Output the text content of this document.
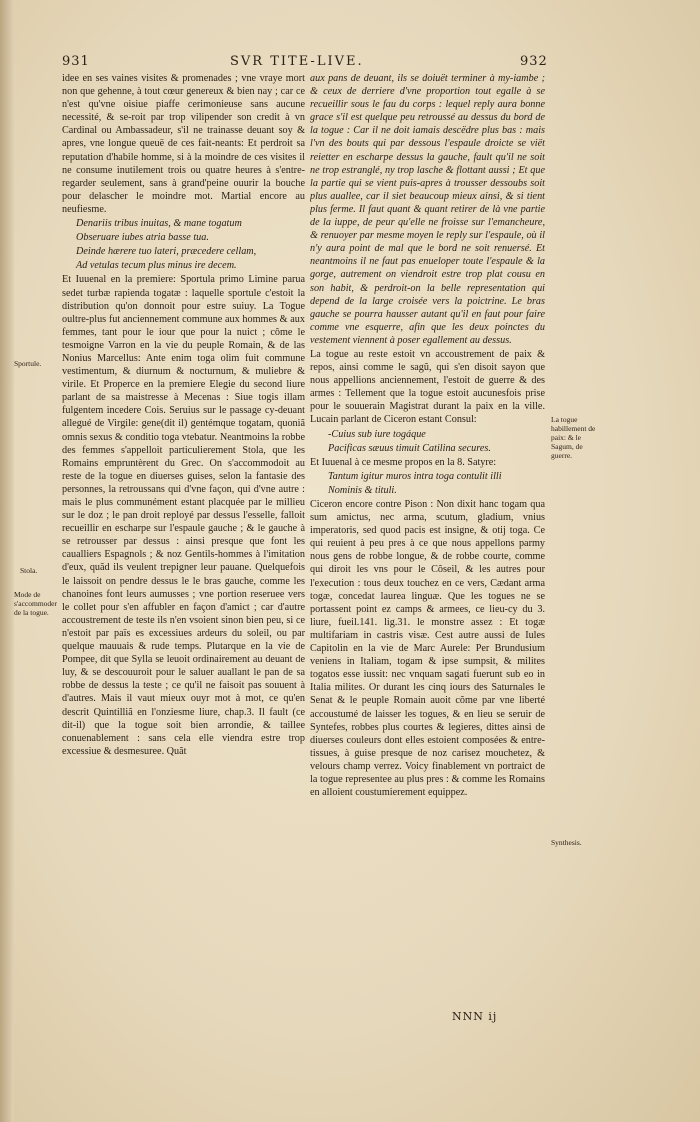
931	SVR TITE-LIVE.	932

idee en ses vaines visites & promenades ; vne vraye mort non que gehenne, à tout cœur genereux & bien nay ; car ce n'est qu'vne oisiue piaffe cerimonieuse sans aucune necessité, & se-roit par trop vilipender son credit à vn Cardinal ou Ambassadeur, s'il ne trainasse deuant soy & apres, vne longue queuë de ces fait-neants: Et perdroit sa reputation d'habile homme, si à la moindre de ces visites il ne consume inutilement trois ou quatre heures à s'entre-regarder seulement, sans à grand'peine ouurir la bouche pour delascher le moindre mot. Martial encore au neufiesme.

Denariis tribus inuitas, & mane togatum

Obseruare iubes atria basse tua.

Deinde hærere tuo lateri, præcedere cellam,

Ad vetulas tecum plus minus ire decem.

Et Iuuenal en la premiere: Sportula primo Limine parua sedet turbæ rapienda togatæ : laquelle sportule c'estoit la distribution qu'on donnoit pour estre suiuy. La Togue oultre-plus fut anciennement commune aux hommes & aux femmes, tant pour le iour que pour la nuict ; côme le tesmoigne Varron en la vie du peuple Romain, & de las Nonius Marcellus: Ante enim toga olim fuit commune vestimentum, & diurnum & nocturnum, & muliebre & virile. Et Properce en la premiere Elegie du second liure parlant de sa maistresse à Mecenas : Siue togis illam fulgentem incedere Cois. Seruius sur le passage cy-deuant allegué de Virgile: gene(dit il) gentémque togatam, quoniã omnis sexus & conditio toga vtebatur. Neantmoins la robbe des femmes s'appelloit particulierement Stola, que les Romains empruntèrent du Grec. On s'accommodoit au reste de la togue en diuerses guises, selon la fantasie des personnes, la retroussans qui d'vne façon, qui d'vne autre : mais le plus communément estant placquée par le millieu sur le doz ; le pan droit reployé par dessus l'esselle, falloit recueillir en escharpe sur l'espaule gauche ; & le gauche à se retrousser par dessus : ainsi presque que font les caualliers Espagnols ; & noz Gentils-hommes à l'imitation d'eux, quãd ils veulent trepigner leur pauane. Quelquefois le laissoit on pendre dessus le le bras gauche, comme les chanoines font leurs aumusses ; vne portion reseruee vers le collet pour s'en affubler en façon d'amict ; car d'autre accoustrement de teste ils n'en vsoient sinon bien peu, si ce n'estoit par païs es excessiues ardeurs du soleil, ou par quelque mauuais & rude temps. Plutarque en la vie de Pompee, dit que Sylla se leuoit ordinairement au deuant de luy, & se descouuroit pour le saluer auallant le pan de sa robbe de dessus la teste ; ce qu'il ne faisoit pas souuent à d'autres. Mais il vaut mieux ouyr mot à mot, ce qu'en descrit Quintilliã en l'onziesme liure, chap.3. Il fault (ce dit-il) que la togue soit bien arrondie, & taillee conuenablement : sans cela elle viendra estre trop excessiue & desmesuree. Quãt

aux pans de deuant, ils se doiuët terminer à my-iambe ; & ceux de derriere d'vne proportion tout egalle à se recueillir sous le fau du corps : lequel reply aura bonne grace s'il est quelque peu retroussé au dessus du bord de la togue : Car il ne doit iamais descëdre plus bas : mais l'vn des bouts qui par dessous l'espaule droicte se viët reietter en escharpe dessus la gauche, fault qu'il ne soit ne trop estranglé, ny trop lasche & flottant aussi ; Et que la partie qui se vient puis-apres à trousser dessoubs soit plus auallee, car il siet beaucoup mieux ainsi, & si tient plus ferme. Il faut quant & quant retirer de là vne partie de la iuppe, de peur qu'elle ne froisse sur l'emancheure, & renuoyer par mesme moyen le reply sur l'espaule, où il n'y aura point de mal que le bord ne soit renuersé. Et neantmoins il ne faut pas enueloper toute l'espaule & la gorge, autrement on viendroit estre trop plat cousu en son habit, & perdroit-on la belle representation qui depend de la large croisée vers la poictrine. Le bras gauche se pourra hausser autant qu'il en faut pour faire comme vne esquerre, afin que les deux poinctes du vestement viennent à poser egallement au dessus.

La togue au reste estoit vn accoustrement de paix & repos, ainsi comme le sagũ, qui s'en disoit sayon que nous appellions anciennement, l'estoit de guerre & des armes : Tellement que la togue estoit aucunesfois prise pour le souuerain Magistrat durant la paix en la ville. Lucain parlant de Ciceron estant Consul:

-Cuius sub iure togáque

Pacificas sæuus timuit Catilina secures.

Et Iuuenal à ce mesme propos en la 8. Satyre:

Tantum igitur muros intra toga contulit illi

Nominis & tituli.

Ciceron encore contre Pison : Non dixit hanc togam qua sum amictus, nec arma, scutum, gladium, vnius imperatoris, sed quod pacis est insigne, & otij toga. Ce qui reuient à peu pres à ce que nous appellons parmy nous gens de robbe longue, & de robbe courte, comme qui diroit les vns pour le Cõseil, & les autres pour l'execution : tous deux touchez en ce vers, Cædant arma togæ, concedat laurea linguæ. Que les togues ne se portassent point ez camps & armees, ce lieu-cy du 3. liure, fueil.141. lig.31. le monstre assez : Et togæ multifariam in castris visæ. Cest autre aussi de Iules Capitolin en la vie de Marc Aurele: Per Brundusium veniens in Italiam, togam & ipse sumpsit, & milites togatos esse iussit: nec vnquam sagati fuerunt sub eo in Italia milites. Or durant les cinq iours des Saturnales le Senat & le peuple Romain auoit cõme par vne liberté accoustumé de laisser les togues, & en lieu se seruir de Syntefes, robbes plus courtes & legieres, dittes ainsi de diuerses couleurs dont elles estoient composées & entre-tissues, à guise presque de noz carisez mouchetez, & velours champ verrez. Voicy finablement vn portraict de la togue representee au plus pres : & comme les Romains en alloient coustumierement equippez.

Sportule.
Stola.
Mode de s'accommoder de la togue.
La togue habillement de paix: & le Sagum, de guerre.
Synthesis.
NNN ij
